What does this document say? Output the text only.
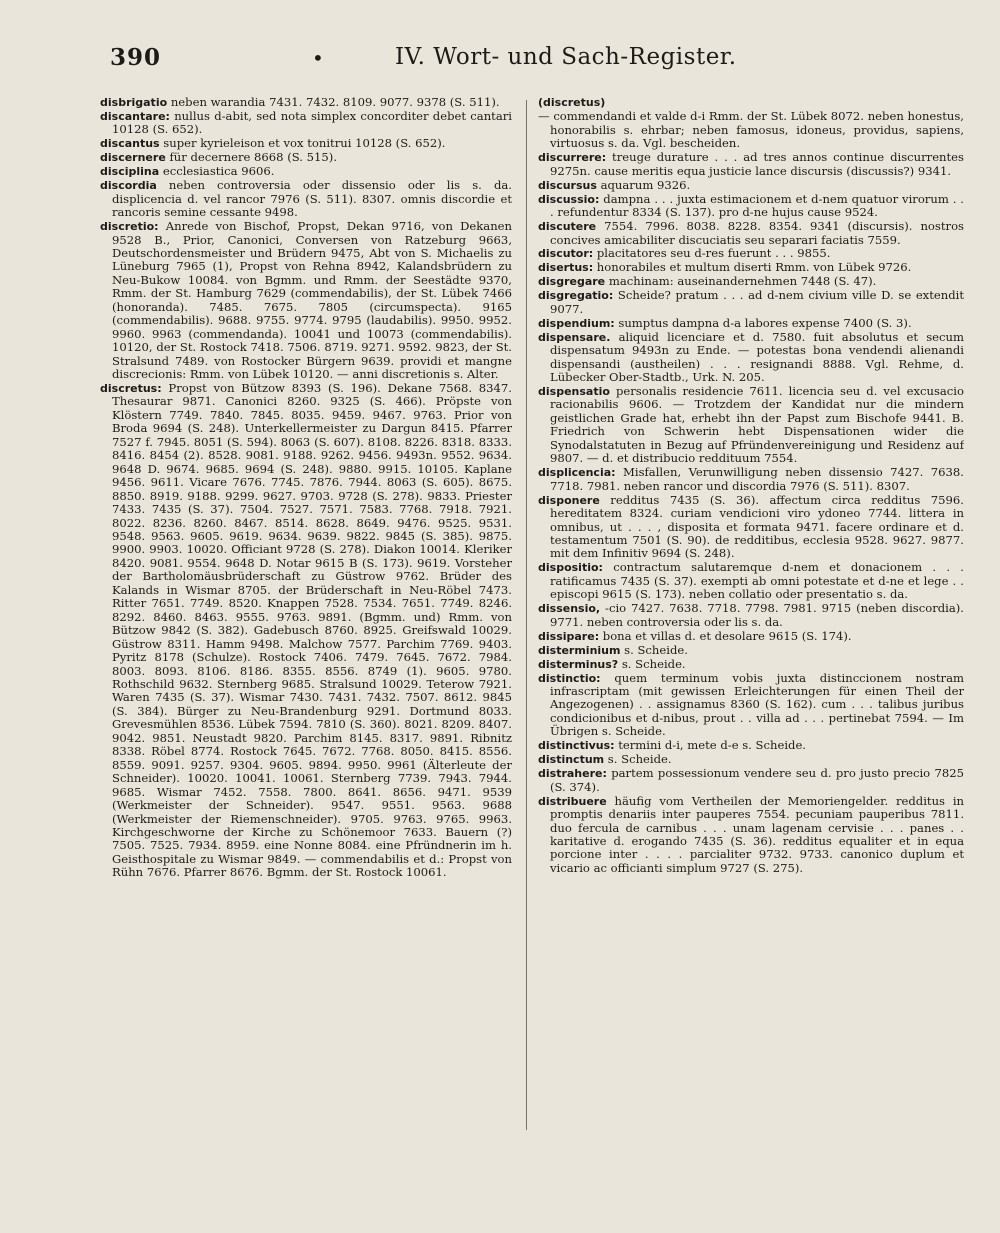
390	•	IV. Wort- und Sach-Register.
disbrigatio neben warandia 7431. 7432. 8109. 9077. 9378 (S. 511).
discantare: nullus d-abit, sed nota simplex concorditer debet cantari 10128 (S. 652).
discantus super kyrieleison et vox tonitrui 10128 (S. 652).
discernere für decernere 8668 (S. 515).
disciplina ecclesiastica 9606.
discordia neben controversia oder dissensio oder lis s. da. displicencia d. vel rancor 7976 (S. 511). 8307. omnis discordie et rancoris semine cessante 9498.
discretio: Anrede von Bischof, Propst, Dekan 9716, von Dekanen 9528 B., Prior, Canonici, Conversen von Ratzeburg 9663, Deutschordensmeister und Brüdern 9475, Abt von S. Michaelis zu Lüneburg 7965 (1), Propst von Rehna 8942, Kalandsbrüdern zu Neu-Bukow 10084. von Bgmm. und Rmm. der Seestädte 9370, Rmm. der St. Hamburg 7629 (commendabilis), der St. Lübek 7466 (honoranda). 7485. 7675. 7805 (circumspecta). 9165 (commendabilis). 9688. 9755. 9774. 9795 (laudabilis). 9950. 9952. 9960. 9963 (commendanda). 10041 und 10073 (commendabilis). 10120, der St. Rostock 7418. 7506. 8719. 9271. 9592. 9823, der St. Stralsund 7489. von Rostocker Bürgern 9639. providi et mangne discrecionis: Rmm. von Lübek 10120. — anni discretionis s. Alter.
discretus: Propst von Bützow 8393 (S. 196). Dekane 7568. 8347. Thesaurar 9871. Canonici 8260. 9325 (S. 466). Pröpste von Klöstern 7749. 7840. 7845. 8035. 9459. 9467. 9763. Prior von Broda 9694 (S. 248). Unterkellermeister zu Dargun 8415. Pfarrer 7527 f. 7945. 8051 (S. 594). 8063 (S. 607). 8108. 8226. 8318. 8333. 8416. 8454 (2). 8528. 9081. 9188. 9262. 9456. 9493n. 9552. 9634. 9648 D. 9674. 9685. 9694 (S. 248). 9880. 9915. 10105. Kaplane 9456. 9611. Vicare 7676. 7745. 7876. 7944. 8063 (S. 605). 8675. 8850. 8919. 9188. 9299. 9627. 9703. 9728 (S. 278). 9833. Priester 7433. 7435 (S. 37). 7504. 7527. 7571. 7583. 7768. 7918. 7921. 8022. 8236. 8260. 8467. 8514. 8628. 8649. 9476. 9525. 9531. 9548. 9563. 9605. 9619. 9634. 9639. 9822. 9845 (S. 385). 9875. 9900. 9903. 10020. Officiant 9728 (S. 278). Diakon 10014. Kleriker 8420. 9081. 9554. 9648 D. Notar 9615 B (S. 173). 9619. Vorsteher der Bartholomäusbrüderschaft zu Güstrow 9762. Brüder des Kalands in Wismar 8705. der Brüderschaft in Neu-Röbel 7473. Ritter 7651. 7749. 8520. Knappen 7528. 7534. 7651. 7749. 8246. 8292. 8460. 8463. 9555. 9763. 9891. (Bgmm. und) Rmm. von Bützow 9842 (S. 382). Gadebusch 8760. 8925. Greifswald 10029. Güstrow 8311. Hamm 9498. Malchow 7577. Parchim 7769. 9403. Pyritz 8178 (Schulze). Rostock 7406. 7479. 7645. 7672. 7984. 8003. 8093. 8106. 8186. 8355. 8556. 8749 (1). 9605. 9780. Rothschild 9632. Sternberg 9685. Stralsund 10029. Teterow 7921. Waren 7435 (S. 37). Wismar 7430. 7431. 7432. 7507. 8612. 9845 (S. 384). Bürger zu Neu-Brandenburg 9291. Dortmund 8033. Grevesmühlen 8536. Lübek 7594. 7810 (S. 360). 8021. 8209. 8407. 9042. 9851. Neustadt 9820. Parchim 8145. 8317. 9891. Ribnitz 8338. Röbel 8774. Rostock 7645. 7672. 7768. 8050. 8415. 8556. 8559. 9091. 9257. 9304. 9605. 9894. 9950. 9961 (Älterleute der Schneider). 10020. 10041. 10061. Sternberg 7739. 7943. 7944. 9685. Wismar 7452. 7558. 7800. 8641. 8656. 9471. 9539 (Werkmeister der Schneider). 9547. 9551. 9563. 9688 (Werkmeister der Riemenschneider). 9705. 9763. 9765. 9963. Kirchgeschworne der Kirche zu Schönemoor 7633. Bauern (?) 7505. 7525. 7934. 8959. eine Nonne 8084. eine Pfründnerin im h. Geisthospitale zu Wismar 9849. — commendabilis et d.: Propst von Rühn 7676. Pfarrer 8676. Bgmm. der St. Rostock 10061.
(discretus)
— commendandi et valde d-i Rmm. der St. Lübek 8072. neben honestus, honorabilis s. ehrbar; neben famosus, idoneus, providus, sapiens, virtuosus s. da. Vgl. bescheiden.
discurrere: treuge durature . . . ad tres annos continue discurrentes 9275n. cause meritis equa justicie lance discursis (discussis?) 9341.
discursus aquarum 9326.
discussio: dampna . . . juxta estimacionem et d-nem quatuor virorum . . . refundentur 8334 (S. 137). pro d-ne hujus cause 9524.
discutere 7554. 7996. 8038. 8228. 8354. 9341 (discursis). nostros concives amicabiliter discuciatis seu separari faciatis 7559.
discutor: placitatores seu d-res fuerunt . . . 9855.
disertus: honorabiles et multum diserti Rmm. von Lübek 9726.
disgregare machinam: auseinandernehmen 7448 (S. 47).
disgregatio: Scheide? pratum . . . ad d-nem civium ville D. se extendit 9077.
dispendium: sumptus dampna d-a labores expense 7400 (S. 3).
dispensare. aliquid licenciare et d. 7580. fuit absolutus et secum dispensatum 9493n zu Ende. — potestas bona vendendi alienandi dispensandi (austheilen) . . . resignandi 8888. Vgl. Rehme, d. Lübecker Ober-Stadtb., Urk. N. 205.
dispensatio personalis residencie 7611. licencia seu d. vel excusacio racionabilis 9606. — Trotzdem der Kandidat nur die mindern geistlichen Grade hat, erhebt ihn der Papst zum Bischofe 9441. B. Friedrich von Schwerin hebt Dispensationen wider die Synodalstatuten in Bezug auf Pfründenvereinigung und Residenz auf 9807. — d. et distribucio reddituum 7554.
displicencia: Misfallen, Verunwilligung neben dissensio 7427. 7638. 7718. 7981. neben rancor und discordia 7976 (S. 511). 8307.
disponere redditus 7435 (S. 36). affectum circa redditus 7596. hereditatem 8324. curiam vendicioni viro ydoneo 7744. littera in omnibus, ut . . . , disposita et formata 9471. facere ordinare et d. testamentum 7501 (S. 90). de redditibus, ecclesia 9528. 9627. 9877. mit dem Infinitiv 9694 (S. 248).
dispositio: contractum salutaremque d-nem et donacionem . . . ratificamus 7435 (S. 37). exempti ab omni potestate et d-ne et lege . . episcopi 9615 (S. 173). neben collatio oder presentatio s. da.
dissensio, -cio 7427. 7638. 7718. 7798. 7981. 9715 (neben discordia). 9771. neben controversia oder lis s. da.
dissipare: bona et villas d. et desolare 9615 (S. 174).
disterminium s. Scheide.
disterminus? s. Scheide.
distinctio: quem terminum vobis juxta distinccionem nostram infrascriptam (mit gewissen Erleichterungen für einen Theil der Angezogenen) . . assignamus 8360 (S. 162). cum . . . talibus juribus condicionibus et d-nibus, prout . . villa ad . . . pertinebat 7594. — Im Übrigen s. Scheide.
distinctivus: termini d-i, mete d-e s. Scheide.
distinctum s. Scheide.
distrahere: partem possessionum vendere seu d. pro justo precio 7825 (S. 374).
distribuere häufig vom Vertheilen der Memoriengelder. redditus in promptis denariis inter pauperes 7554. pecuniam pauperibus 7811. duo fercula de carnibus . . . unam lagenam cervisie . . . panes . . karitative d. erogando 7435 (S. 36). redditus equaliter et in equa porcione inter . . . . parcialiter 9732. 9733. canonico duplum et vicario ac officianti simplum 9727 (S. 275).
